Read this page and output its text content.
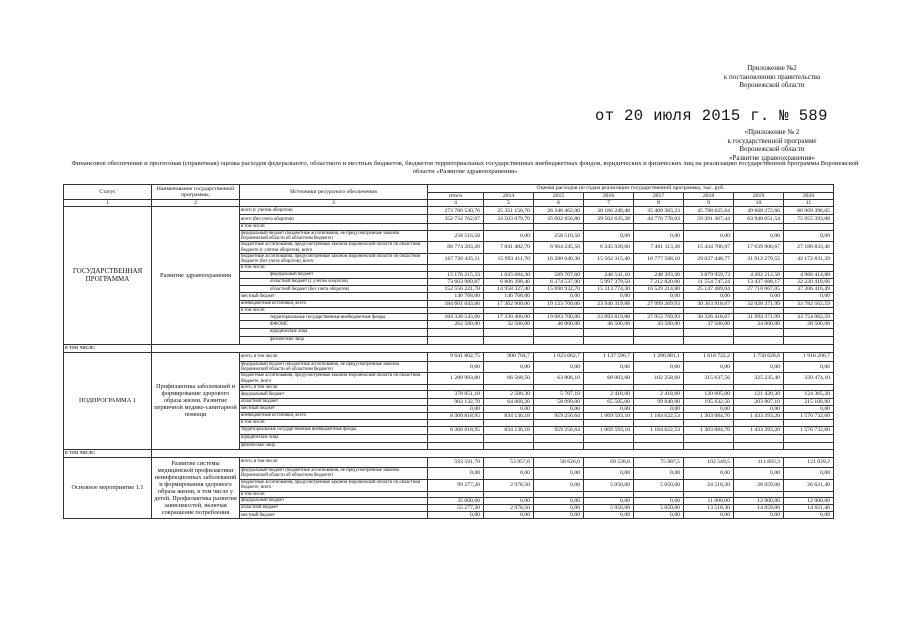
Приложение №2
к постановлению правительства
Воронежской области
от 20 июля 2015 г. № 589
«Приложение № 2
к государственной программе
Воронежской области
«Развитие здравоохранения»
Финансовое обеспечение и прогнозная (справочная) оценка расходов федерального, областного и местных бюджетов, бюджетов территориальных государственных внебюджетных фондов, юридических и физических лиц на реализацию государственной программы Воронежской области «Развитие здравоохранения»
Статус	Наименование государственной программы,	Источники ресурсного обеспечения	Оценка расходов по годам реализации государственной программы, тыс. руб.							
			итого	2014	2015	2016	2017	2018	2019	2020
1	2	3	4	5	6	7	8	9	10	11
ГОСУДАРСТВЕННАЯ ПРОГРАММА	Развитие здравоохранения	всего (с учетом оборотов)	273 780 530,76	25 351 150,70	26 346 462,00	30 186 240,48	35 460 383,23	45 798 625,64	49 668 272,66	60 969 396,05
		всего (без учета оборотов)	352 732 762,67	33 503 079,70	35 602 856,80	39 502 635,28	44 776 778,03	59 391 367,44	63 940 651,54	75 955 393,88
		в том числе:								
		федеральный бюджет (бюджетные ассигнования, не предусмотренные законом Воронежской области об областном бюджете)	258 516,50	0,00	258 516,50	0,00	0,00	0,00	0,00	0,00
		бюджетные ассигнования, предусмотренные законом Воронежской области об областном бюджете (с учетом оборотов), всего	88 774 203,20	7 841 482,70	6 964 245,50	6 245 920,60	7 461 113,30	15 434 706,97	17 639 906,67	27 186 833,46
		бюджетные ассигнования, предусмотренные законом Воронежской области об областном бюджете (без учета оборотов), всего	167 726 435,11	15 993 411,70	16 280 640,30	15 562 315,40	16 777 508,10	29 027 448,77	31 912 279,55	42 172 831,29
		в том числе:								
		федеральный бюджет	15 176 215,33	1 035 084,30	589 707,60	248 541,10	248 393,30	3 879 959,73	4 202 212,50	4 966 414,80
		областной бюджет (с учетом оборотов)	73 603 989,87	6 806 398,40	6 374 537,90	5 997 379,50	7 212 820,00	11 554 747,24	13 437 688,17	22 220 418,66
		областной бюджет (без учета оборотов)	152 556 221,78	14 958 327,40	15 690 932,70	15 313 774,30	16 529 214,80	25 147 489,04	27 710 067,05	37 206 416,49
		местный бюджет	146 768,00	146 768,00	0,00	0,00	0,00	0,00	0,00	0,00
		внебюджетные источники, всего	184 601 043,06	17 362 900,00	19 123 700,00	23 940 319,88	27 999 269,93	30 363 918,67	32 028 371,99	33 782 562,59
		в том числе:								
		территориальные государственные внебюджетные фонды	184 338 543,06	17 330 400,00	19 083 700,00	23 893 819,88	27 955 769,93	30 326 418,67	31 994 371,99	33 754 062,59
		ФФОМС	262 500,00	32 500,00	40 000,00	46 500,00	43 500,00	37 500,00	34 000,00	28 500,00
		юридические лица								
		физические лица								
в том числе:										
ПОДПРОГРАММА 1	Профилактика заболеваний и формирование здорового образа жизни. Развитие первичной медико-санитарной помощи	всего, в том числе:	9 641 802,75	900 704,7	1 023 062,7	1 137 596,7	1 286 881,1	1 618 722,2	1 758 628,6	1 916 206,7
		федеральный бюджет (бюджетные ассигнования, не предусмотренные законом Воронежской области об областном бюджете)	0,00	0,00	0,00	0,00	0,00	0,00	0,00	0,00
		бюджетные ассигнования, предусмотренные законом Воронежской области об областном бюджете, всего	1 280 983,80	66 568,50	63 806,10	68 003,60	102 258,60	315 637,56	325 235,40	339 474,10
		всего, в том числе:								
		федеральный бюджет	378 851,10	2 508,30	5 707,10	2 418,60	2 418,60	120 005,00	121 428,30	124 365,20
		областной бюджет	902 132,70	64 060,20	58 099,00	65 585,00	99 840,00	195 632,50	203 807,10	215 108,90
		местный бюджет	0,00	0,00	0,00	0,00	0,00	0,00	0,00	0,00
		внебюджетные источники, всего	8 360 818,95	834 136,18	959 256,64	1 069 593,10	1 184 622,53	1 303 084,70	1 433 393,20	1 576 732,60
		в том числе:								
		территориальные государственные внебюджетные фонды	8 360 818,95	834 136,18	959 256,64	1 069 593,10	1 184 622,53	1 303 084,70	1 433 393,20	1 576 732,60
		юридические лица								
		физические лица								
в том числе:										
Основное мероприятие 1.1	Развитие системы медицинской профилактики неинфекционных заболеваний и формирования здорового образа жизни, в том числе у детей. Профилактика развития зависимостей, включая сокращение потребления	всего, в том числе:	593 591,70	53 957,6	58 626,0	69 538,6	75 987,5	102 549,5	111 893,3	121 039,2
		федеральный бюджет (бюджетные ассигнования, не предусмотренные законом Воронежской области об областном бюджете)	0,00	0,00	0,00	0,00	0,00	0,00	0,00	0,00
		бюджетные ассигнования, предусмотренные законом Воронежской области об областном бюджете, всего	99 277,20	2 978,50	0,00	5 050,00	5 050,00	24 518,30	26 059,00	26 621,40
		в том числе:								
		федеральный бюджет	35 000,00	0,00	0,00	0,00	0,00	11 000,00	12 000,00	12 000,00
		областной бюджет	55 277,20	2 978,50	0,00	5 050,00	5 050,00	13 518,30	14 059,00	14 621,40
		местный бюджет	0,00	0,00	0,00	0,00	0,00	0,00	0,00	0,00
